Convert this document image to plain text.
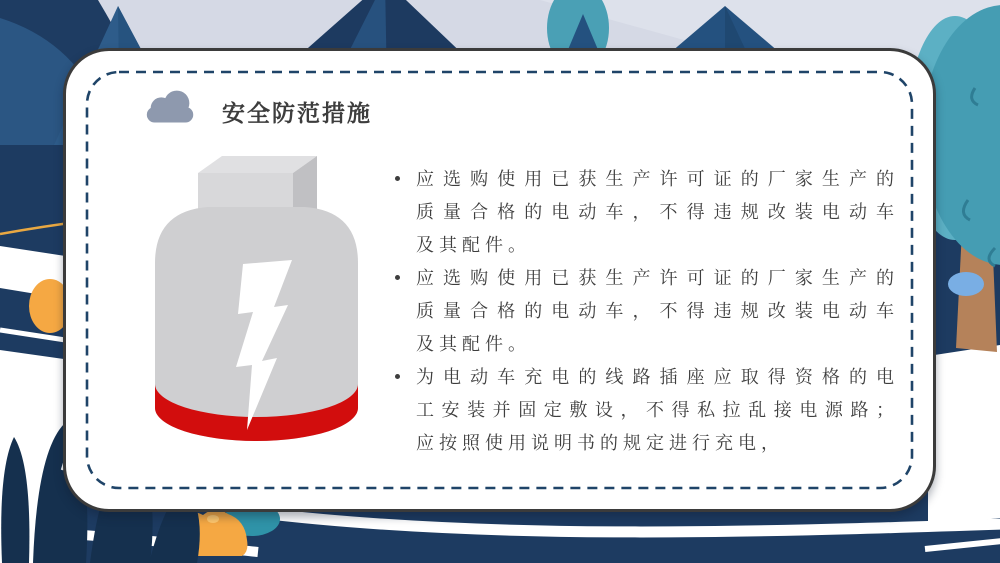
安全防范措施
应选购使用已获生产许可证的厂家生产的
质量合格的电动车，不得违规改装电动车
及其配件。
应选购使用已获生产许可证的厂家生产的
质量合格的电动车，不得违规改装电动车
及其配件。
为电动车充电的线路插座应取得资格的电
工安装并固定敷设，不得私拉乱接电源路；
应按照使用说明书的规定进行充电，
